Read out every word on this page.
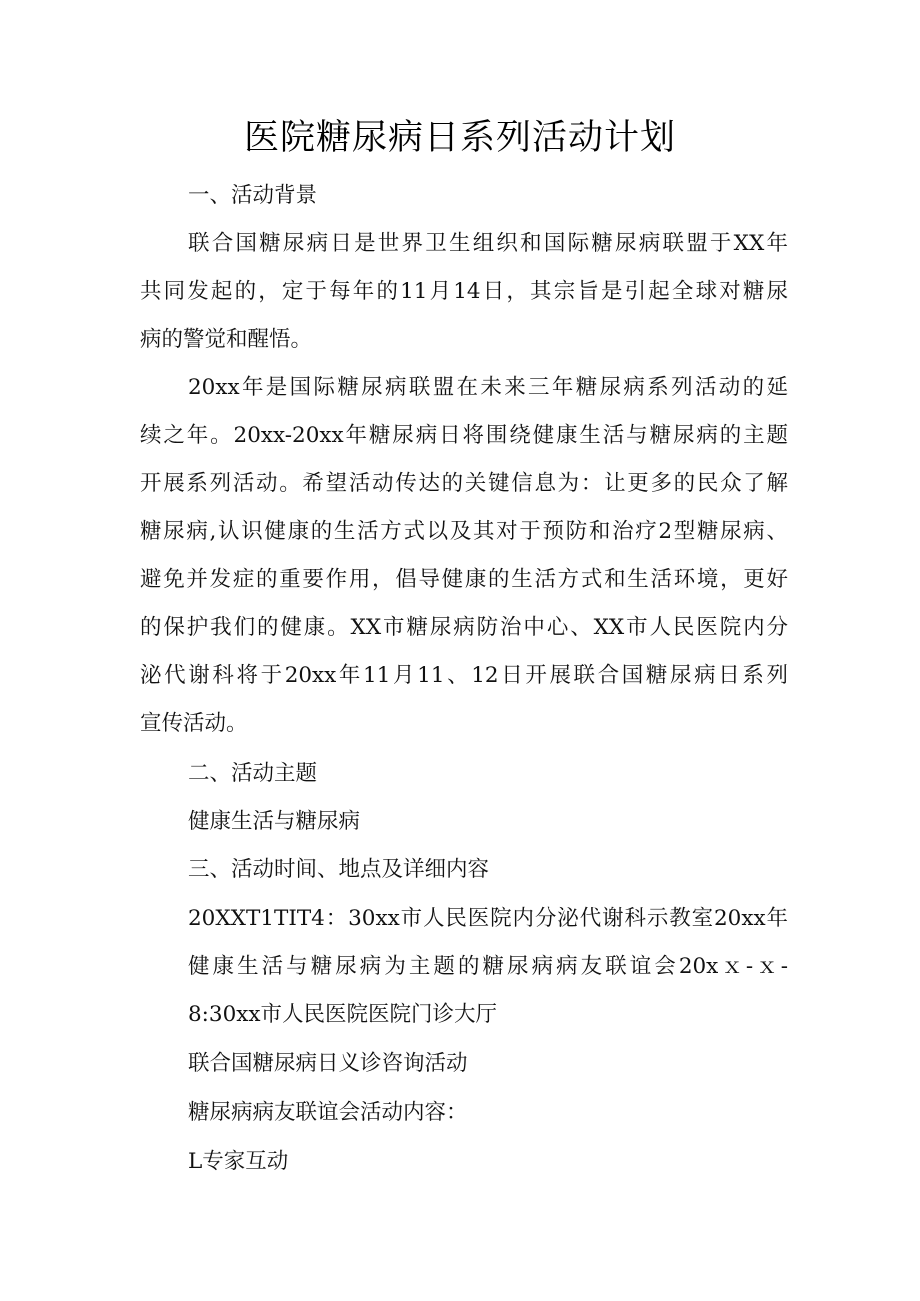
医院糖尿病日系列活动计划

一、活动背景

联合国糖尿病日是世界卫生组织和国际糖尿病联盟于XX年

共同发起的，定于每年的11月14日，其宗旨是引起全球对糖尿

病的警觉和醒悟。

20xx年是国际糖尿病联盟在未来三年糖尿病系列活动的延

续之年。20xx-20xx年糖尿病日将围绕健康生活与糖尿病的主题

开展系列活动。希望活动传达的关键信息为：让更多的民众了解

糖尿病,认识健康的生活方式以及其对于预防和治疗2型糖尿病、

避免并发症的重要作用，倡导健康的生活方式和生活环境，更好

的保护我们的健康。XX市糖尿病防治中心、XX市人民医院内分

泌代谢科将于20xx年11月11、12日开展联合国糖尿病日系列

宣传活动。

二、活动主题

健康生活与糖尿病

三、活动时间、地点及详细内容

20XXT1TIT4：30xx市人民医院内分泌代谢科示教室20xx年

健康生活与糖尿病为主题的糖尿病病友联谊会20xｘ-ｘ-

8:30xx市人民医院医院门诊大厅

联合国糖尿病日义诊咨询活动

糖尿病病友联谊会活动内容：

L专家互动
